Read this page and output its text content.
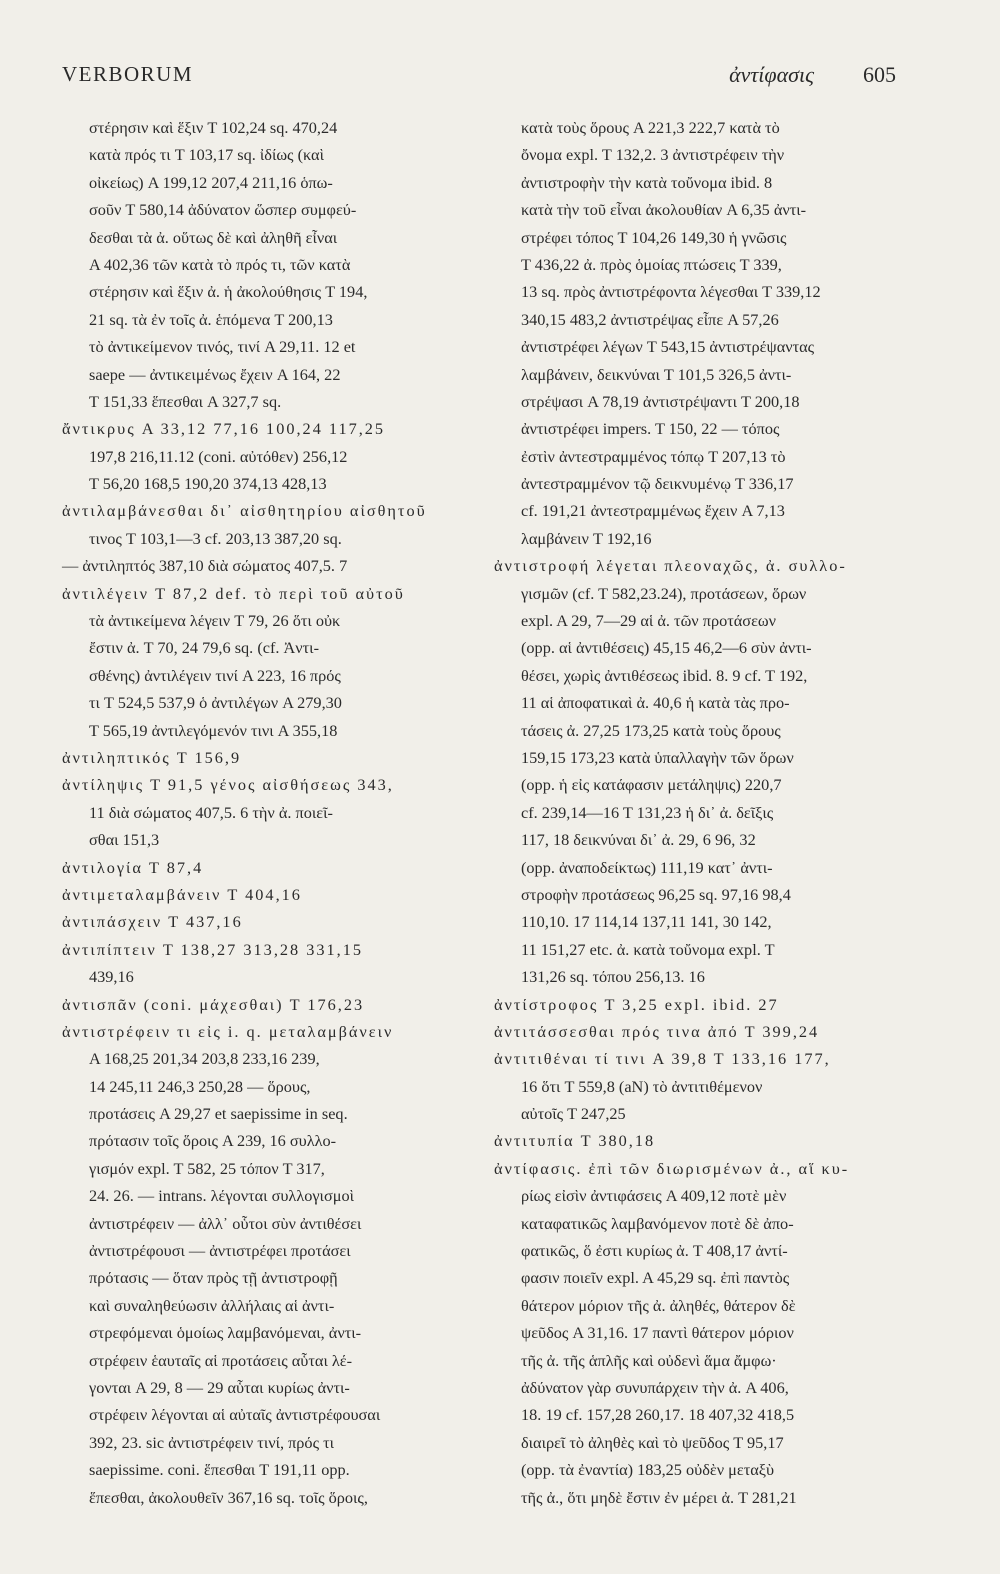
VERBORUM	ἀντίφασις 605
στέρησιν καὶ ἕξιν T 102,24 sq. 470,24
κατὰ πρός τι T 103,17 sq. ἰδίως (καὶ
οἰκείως) A 199,12 207,4 211,16 ὁπω-
σοῦν T 580,14 ἀδύνατον ὥσπερ συμφεύ-
δεσθαι τὰ ἀ. οὕτως δὲ καὶ ἀληθῆ εἶναι
A 402,36 τῶν κατὰ τὸ πρός τι, τῶν κατὰ
στέρησιν καὶ ἕξιν ἀ. ἡ ἀκολούθησις T 194,
21 sq. τὰ ἐν τοῖς ἀ. ἑπόμενα T 200,13
τὸ ἀντικείμενον τινός, τινί A 29,11. 12 et
saepe — ἀντικειμένως ἔχειν A 164, 22
T 151,33 ἕπεσθαι A 327,7 sq.
ἄντικρυς A 33,12 77,16 100,24 117,25
197,8 216,11.12 (coni. αὐτόθεν) 256,12
T 56,20 168,5 190,20 374,13 428,13
ἀντιλαμβάνεσθαι δι᾽ αἰσθητηρίου αἰσθητοῦ
τινος T 103,1—3 cf. 203,13 387,20 sq.
— ἀντιληπτός 387,10 διὰ σώματος 407,5. 7
ἀντιλέγειν T 87,2 def. τὸ περὶ τοῦ αὐτοῦ
τὰ ἀντικείμενα λέγειν T 79, 26 ὅτι οὐκ
ἔστιν ἀ. T 70, 24 79,6 sq. (cf. Ἀντι-
σθένης) ἀντιλέγειν τινί A 223, 16 πρός
τι T 524,5 537,9 ὁ ἀντιλέγων A 279,30
T 565,19 ἀντιλεγόμενόν τινι A 355,18
ἀντιληπτικός T 156,9
ἀντίληψις T 91,5 γένος αἰσθήσεως 343,
11 διὰ σώματος 407,5. 6 τὴν ἀ. ποιεῖ-
σθαι 151,3
ἀντιλογία T 87,4
ἀντιμεταλαμβάνειν T 404,16
ἀντιπάσχειν T 437,16
ἀντιπίπτειν T 138,27 313,28 331,15
439,16
ἀντισπᾶν (coni. μάχεσθαι) T 176,23
ἀντιστρέφειν τι εἰς i. q. μεταλαμβάνειν
A 168,25 201,34 203,8 233,16 239,
14 245,11 246,3 250,28 — ὅρους,
προτάσεις A 29,27 et saepissime in seq.
πρότασιν τοῖς ὅροις A 239, 16 συλλο-
γισμόν expl. T 582, 25 τόπον T 317,
24. 26. — intrans. λέγονται συλλογισμοὶ
ἀντιστρέφειν — ἀλλ᾽ οὗτοι σὺν ἀντιθέσει
ἀντιστρέφουσι — ἀντιστρέφει προτάσει
πρότασις — ὅταν πρὸς τῇ ἀντιστροφῇ
καὶ συναληθεύωσιν ἀλλήλαις αἱ ἀντι-
στρεφόμεναι ὁμοίως λαμβανόμεναι, ἀντι-
στρέφειν ἑαυταῖς αἱ προτάσεις αὗται λέ-
γονται A 29, 8 — 29 αὗται κυρίως ἀντι-
στρέφειν λέγονται αἱ αὐταῖς ἀντιστρέφουσαι
392, 23. sic ἀντιστρέφειν τινί, πρός τι
saepissime. coni. ἕπεσθαι T 191,11 opp.
ἕπεσθαι, ἀκολουθεῖν 367,16 sq. τοῖς ὅροις,
κατὰ τοὺς ὅρους A 221,3 222,7 κατὰ τὸ
ὄνομα expl. T 132,2. 3 ἀντιστρέφειν τὴν
ἀντιστροφὴν τὴν κατὰ τοὔνομα ibid. 8
κατὰ τὴν τοῦ εἶναι ἀκολουθίαν A 6,35 ἀντι-
στρέφει τόπος T 104,26 149,30 ἡ γνῶσις
T 436,22 ἀ. πρὸς ὁμοίας πτώσεις T 339,
13 sq. πρὸς ἀντιστρέφοντα λέγεσθαι T 339,12
340,15 483,2 ἀντιστρέψας εἶπε A 57,26
ἀντιστρέφει λέγων T 543,15 ἀντιστρέψαντας
λαμβάνειν, δεικνύναι T 101,5 326,5 ἀντι-
στρέψασι A 78,19 ἀντιστρέψαντι T 200,18
ἀντιστρέφει impers. T 150, 22 — τόπος
ἐστὶν ἀντεστραμμένος τόπῳ T 207,13 τὸ
ἀντεστραμμένον τῷ δεικνυμένῳ T 336,17
cf. 191,21 ἀντεστραμμένως ἔχειν A 7,13
λαμβάνειν T 192,16
ἀντιστροφή λέγεται πλεοναχῶς, ἀ. συλλο-
γισμῶν (cf. T 582,23.24), προτάσεων, ὅρων
expl. A 29, 7—29 αἱ ἀ. τῶν προτάσεων
(opp. αἱ ἀντιθέσεις) 45,15 46,2—6 σὺν ἀντι-
θέσει, χωρὶς ἀντιθέσεως ibid. 8. 9 cf. T 192,
11 αἱ ἀποφατικαὶ ἀ. 40,6 ἡ κατὰ τὰς προ-
τάσεις ἀ. 27,25 173,25 κατὰ τοὺς ὅρους
159,15 173,23 κατὰ ὑπαλλαγὴν τῶν ὅρων
(opp. ἡ εἰς κατάφασιν μετάληψις) 220,7
cf. 239,14—16 T 131,23 ἡ δι᾽ ἀ. δεῖξις
117, 18 δεικνύναι δι᾽ ἀ. 29, 6 96, 32
(opp. ἀναποδείκτως) 111,19 κατ᾽ ἀντι-
στροφὴν προτάσεως 96,25 sq. 97,16 98,4
110,10. 17 114,14 137,11 141, 30 142,
11 151,27 etc. ἀ. κατὰ τοὔνομα expl. T
131,26 sq. τόπου 256,13. 16
ἀντίστροφος T 3,25 expl. ibid. 27
ἀντιτάσσεσθαι πρός τινα ἀπό T 399,24
ἀντιτιθέναι τί τινι A 39,8 T 133,16 177,
16 ὅτι T 559,8 (aN) τὸ ἀντιτιθέμενον
αὐτοῖς T 247,25
ἀντιτυπία T 380,18
ἀντίφασις. ἐπὶ τῶν διωρισμένων ἀ., αἵ κυ-
ρίως εἰσὶν ἀντιφάσεις A 409,12 ποτὲ μὲν
καταφατικῶς λαμβανόμενον ποτὲ δὲ ἀπο-
φατικῶς, ὅ ἐστι κυρίως ἀ. T 408,17 ἀντί-
φασιν ποιεῖν expl. A 45,29 sq. ἐπὶ παντὸς
θάτερον μόριον τῆς ἀ. ἀληθές, θάτερον δὲ
ψεῦδος A 31,16. 17 παντὶ θάτερον μόριον
τῆς ἀ. τῆς ἁπλῆς καὶ οὐδενὶ ἅμα ἄμφω·
ἀδύνατον γὰρ συνυπάρχειν τὴν ἀ. A 406,
18. 19 cf. 157,28 260,17. 18 407,32 418,5
διαιρεῖ τὸ ἀληθὲς καὶ τὸ ψεῦδος T 95,17
(opp. τὰ ἐναντία) 183,25 οὐδὲν μεταξὺ
τῆς ἀ., ὅτι μηδὲ ἔστιν ἐν μέρει ἀ. T 281,21
